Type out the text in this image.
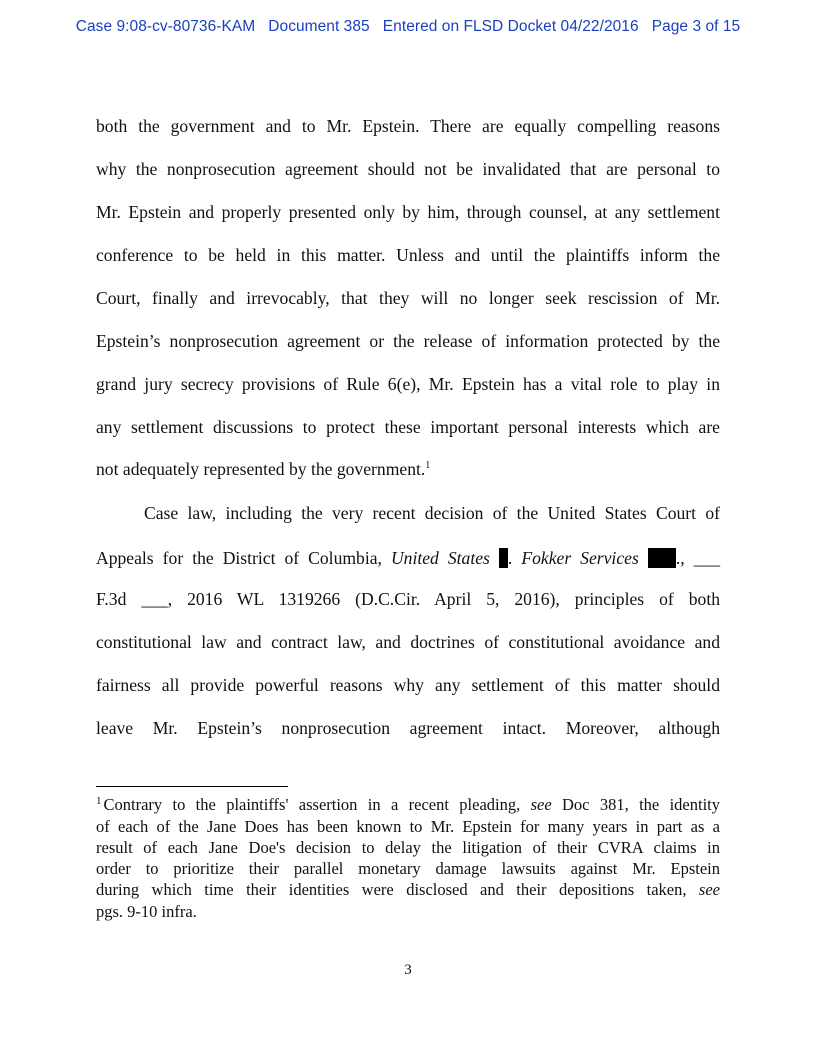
Case 9:08-cv-80736-KAM Document 385 Entered on FLSD Docket 04/22/2016 Page 3 of 15
both the government and to Mr. Epstein. There are equally compelling reasons
why the nonprosecution agreement should not be invalidated that are personal to
Mr. Epstein and properly presented only by him, through counsel, at any settlement
conference to be held in this matter. Unless and until the plaintiffs inform the
Court, finally and irrevocably, that they will no longer seek rescission of Mr.
Epstein’s nonprosecution agreement or the release of information protected by the
grand jury secrecy provisions of Rule 6(e), Mr. Epstein has a vital role to play in
any settlement discussions to protect these important personal interests which are
not adequately represented by the government.$^1$
Case law, including the very recent decision of the United States Court of
Appeals for the District of Columbia, United States . Fokker Services ., ___
F.3d ___, 2016 WL 1319266 (D.C.Cir. April 5, 2016), principles of both
constitutional law and contract law, and doctrines of constitutional avoidance and
fairness all provide powerful reasons why any settlement of this matter should
leave Mr. Epstein’s nonprosecution agreement intact. Moreover, although
$^1$ Contrary to the plaintiffs' assertion in a recent pleading, see Doc 381, the identity
of each of the Jane Does has been known to Mr. Epstein for many years in part as a
result of each Jane Doe's decision to delay the litigation of their CVRA claims in
order to prioritize their parallel monetary damage lawsuits against Mr. Epstein
during which time their identities were disclosed and their depositions taken, see
pgs. 9-10 infra.
3
